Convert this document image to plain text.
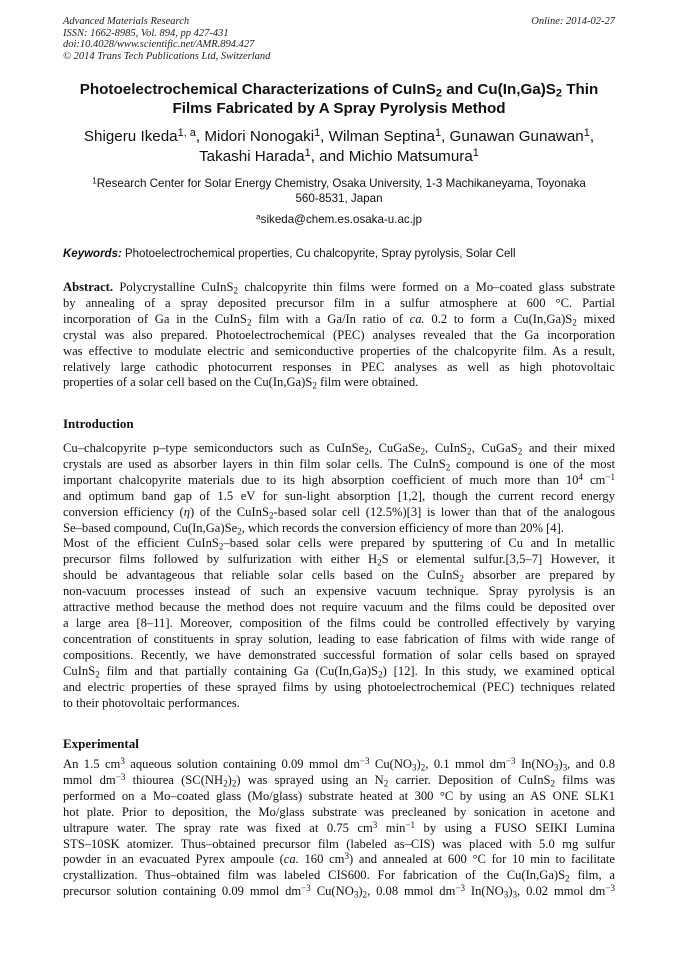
Advanced Materials Research
ISSN: 1662-8985, Vol. 894, pp 427-431
doi:10.4028/www.scientific.net/AMR.894.427
© 2014 Trans Tech Publications Ltd, Switzerland
Online: 2014-02-27
Photoelectrochemical Characterizations of CuInS$_2$ and $Cu(In,Ga)S_2$ Thin
Films Fabricated by A Spray Pyrolysis Method
Shigeru Ikeda$^{1, a}$, Midori Nonogaki$^1$, Wilman Septina$^1$, Gunawan Gunawan$^1$,
Takashi Harada$^1$, and Michio Matsumura$^1$
$^1$Research Center for Solar Energy Chemistry, Osaka University, 1-3 Machikaneyama, Toyonaka
560-8531, Japan
$^a$sikeda@chem.es.osaka-u.ac.jp
Keywords: Photoelectrochemical properties, Cu chalcopyrite, Spray pyrolysis, Solar Cell
Abstract. Polycrystalline CuInS$_2$ chalcopyrite thin films were formed on a Mo–coated glass substrate
by annealing of a spray deposited precursor film in a sulfur atmosphere at 600 °C. Partial
incorporation of Ga in the CuInS$_2$ film with a Ga/In ratio of ca. 0.2 to form a $Cu(In,Ga)S_2$ mixed
crystal was also prepared. Photoelectrochemical (PEC) analyses revealed that the Ga incorporation
was effective to modulate electric and semiconductive properties of the chalcopyrite film. As a result,
relatively large cathodic photocurrent responses in PEC analyses as well as high photovoltaic
properties of a solar cell based on the $Cu(In,Ga)S_2$ film were obtained.
Introduction
Cu–chalcopyrite p–type semiconductors such as CuInSe$_2$, CuGaSe$_2$, CuInS$_2$, CuGaS$_2$ and their mixed
crystals are used as absorber layers in thin film solar cells. The CuInS$_2$ compound is one of the most
important chalcopyrite materials due to its high absorption coefficient of much more than $10^4$ $cm^{-1}$
and optimum band gap of 1.5 eV for sun-light absorption [1,2], though the current record energy
conversion efficiency (η) of the CuInS$_2$-based solar cell (12.5%)[3] is lower than that of the analogous
Se–based compound, $Cu(In,Ga)Se_2$, which records the conversion efficiency of more than 20% [4].
Most of the efficient CuInS$_2$–based solar cells were prepared by sputtering of Cu and In metallic
precursor films followed by sulfurization with either $H_2S$ or elemental sulfur.[3,5–7] However, it
should be advantageous that reliable solar cells based on the CuInS$_2$ absorber are prepared by
non-vacuum processes instead of such an expensive vacuum technique. Spray pyrolysis is an
attractive method because the method does not require vacuum and the films could be deposited over
a large area [8–11]. Moreover, composition of the films could be controlled effectively by varying
concentration of constituents in spray solution, leading to ease fabrication of films with wide range of
compositions. Recently, we have demonstrated successful formation of solar cells based on sprayed
CuInS$_2$ film and that partially containing Ga $(Cu(In,Ga)S_2)$ [12]. In this study, we examined optical
and electric properties of these sprayed films by using photoelectrochemical (PEC) techniques related
to their photovoltaic performances.
Experimental
An 1.5 $cm^3$ aqueous solution containing 0.09 mmol $dm^{-3}$ $Cu(NO_3)_2$, 0.1 mmol $dm^{-3}$ $In(NO_3)_3$, and 0.8
mmol $dm^{-3}$ thiourea $(SC(NH_2)_2)$ was sprayed using an $N_2$ carrier. Deposition of CuInS$_2$ films was
performed on a Mo–coated glass (Mo/glass) substrate heated at 300 °C by using an AS ONE SLK1
hot plate. Prior to deposition, the Mo/glass substrate was precleaned by sonication in acetone and
ultrapure water. The spray rate was fixed at 0.75 $cm^3$ $\min^{-1}$ by using a FUSO SEIKI Lumina
STS–10SK atomizer. Thus–obtained precursor film (labeled as–CIS) was placed with 5.0 mg sulfur
powder in an evacuated Pyrex ampoule (ca. 160 $cm^3$) and annealed at 600 °C for 10 min to facilitate
crystallization. Thus–obtained film was labeled CIS600. For fabrication of the $Cu(In,Ga)S_2$ film, a
precursor solution containing 0.09 mmol $dm^{-3}$ $Cu(NO_3)_2$, 0.08 mmol $dm^{-3}$ $In(NO_3)_3$, 0.02 mmol $dm^{-3}$
